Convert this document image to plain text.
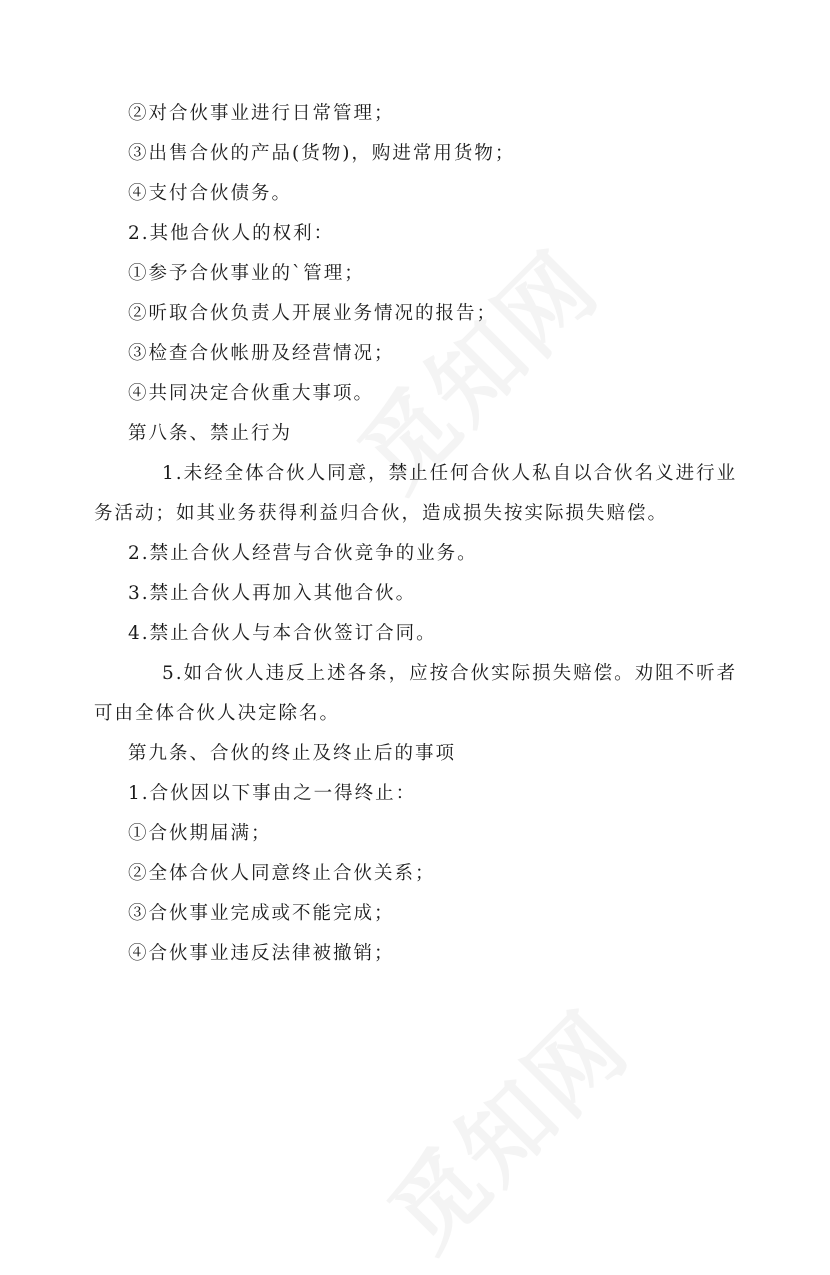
②对合伙事业进行日常管理；

③出售合伙的产品(货物)，购进常用货物；

④支付合伙债务。

2.其他合伙人的权利：

①参予合伙事业的`管理；

②听取合伙负责人开展业务情况的报告；

③检查合伙帐册及经营情况；

④共同决定合伙重大事项。

第八条、禁止行为

1.未经全体合伙人同意，禁止任何合伙人私自以合伙名义进行业

务活动；如其业务获得利益归合伙，造成损失按实际损失赔偿。

2.禁止合伙人经营与合伙竞争的业务。

3.禁止合伙人再加入其他合伙。

4.禁止合伙人与本合伙签订合同。

5.如合伙人违反上述各条，应按合伙实际损失赔偿。劝阻不听者

可由全体合伙人决定除名。

第九条、合伙的终止及终止后的事项

1.合伙因以下事由之一得终止：

①合伙期届满；

②全体合伙人同意终止合伙关系；

③合伙事业完成或不能完成；

④合伙事业违反法律被撤销；
